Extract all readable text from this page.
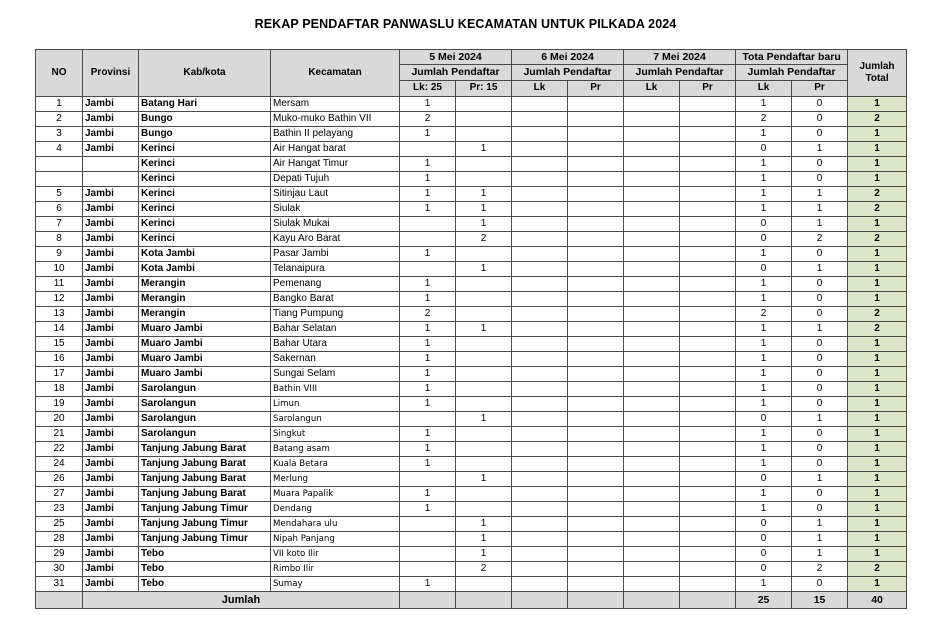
REKAP PENDAFTAR PANWASLU KECAMATAN UNTUK PILKADA 2024
NO	Provinsi	Kab/kota	Kecamatan	5 Mei 2024		6 Mei 2024		7 Mei 2024		Tota Pendaftar baru		Jumlah
Total
				Jumlah Pendaftar		Jumlah Pendaftar		Jumlah Pendaftar		Jumlah Pendaftar		
				Lk: 25	Pr: 15	Lk	Pr	Lk	Pr	Lk	Pr	
1	Jambi	Batang Hari	Mersam	1						1	0	1
2	Jambi	Bungo	Muko-muko Bathin VII	2						2	0	2
3	Jambi	Bungo	Bathin II pelayang	1						1	0	1
4	Jambi	Kerinci	Air Hangat barat		1					0	1	1
		Kerinci	Air Hangat Timur	1						1	0	1
		Kerinci	Depati Tujuh	1						1	0	1
5	Jambi	Kerinci	Sitinjau Laut	1	1					1	1	2
6	Jambi	Kerinci	Siulak	1	1					1	1	2
7	Jambi	Kerinci	Siulak Mukai		1					0	1	1
8	Jambi	Kerinci	Kayu Aro Barat		2					0	2	2
9	Jambi	Kota Jambi	Pasar Jambi	1						1	0	1
10	Jambi	Kota Jambi	Telanaipura		1					0	1	1
11	Jambi	Merangin	Pemenang	1						1	0	1
12	Jambi	Merangin	Bangko Barat	1						1	0	1
13	Jambi	Merangin	Tiang Pumpung	2						2	0	2
14	Jambi	Muaro Jambi	Bahar Selatan	1	1					1	1	2
15	Jambi	Muaro Jambi	Bahar Utara	1						1	0	1
16	Jambi	Muaro Jambi	Sakernan	1						1	0	1
17	Jambi	Muaro Jambi	Sungai Selam	1						1	0	1
18	Jambi	Sarolangun	Bathin VIII	1						1	0	1
19	Jambi	Sarolangun	Limun	1						1	0	1
20	Jambi	Sarolangun	Sarolangun		1					0	1	1
21	Jambi	Sarolangun	Singkut	1						1	0	1
22	Jambi	Tanjung Jabung Barat	Batang asam	1						1	0	1
24	Jambi	Tanjung Jabung Barat	Kuala Betara	1						1	0	1
26	Jambi	Tanjung Jabung Barat	Merlung		1					0	1	1
27	Jambi	Tanjung Jabung Barat	Muara Papalik	1						1	0	1
23	Jambi	Tanjung Jabung Timur	Dendang	1						1	0	1
25	Jambi	Tanjung Jabung Timur	Mendahara ulu		1					0	1	1
28	Jambi	Tanjung Jabung Timur	Nipah Panjang		1					0	1	1
29	Jambi	Tebo	VII koto Ilir		1					0	1	1
30	Jambi	Tebo	Rimbo Ilir		2					0	2	2
31	Jambi	Tebo	Sumay	1						1	0	1
	Jumlah									25	15	40
